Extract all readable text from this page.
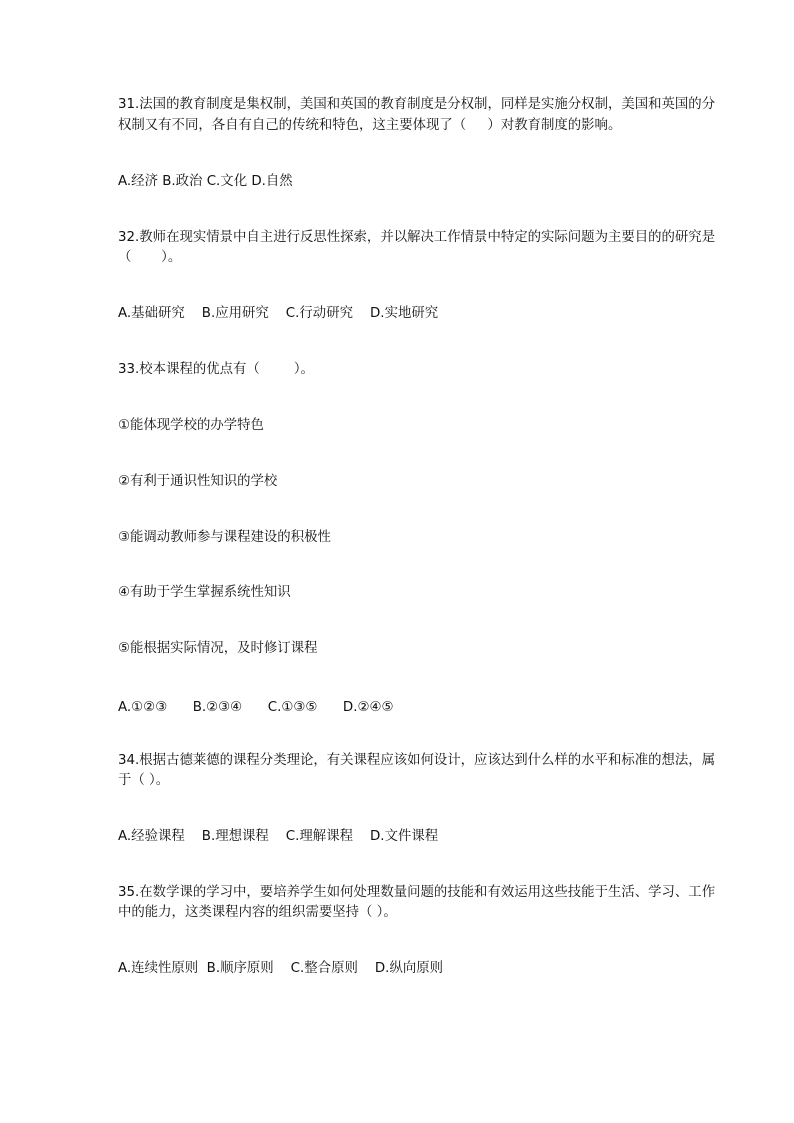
31.法国的教育制度是集权制，美国和英国的教育制度是分权制，同样是实施分权制，美国和英国的分
权制又有不同，各自有自己的传统和特色，这主要体现了（     ）对教育制度的影响。
A.经济 B.政治 C.文化 D.自然
32.教师在现实情景中自主进行反思性探索，并以解决工作情景中特定的实际问题为主要目的的研究是
（       ）。
A.基础研究    B.应用研究    C.行动研究    D.实地研究
33.校本课程的优点有（        ）。
①能体现学校的办学特色
②有利于通识性知识的学校
③能调动教师参与课程建设的积极性
④有助于学生掌握系统性知识
⑤能根据实际情况，及时修订课程
A.①②③      B.②③④      C.①③⑤      D.②④⑤
34.根据古德莱德的课程分类理论，有关课程应该如何设计，应该达到什么样的水平和标准的想法，属
于（ ）。
A.经验课程    B.理想课程    C.理解课程    D.文件课程
35.在数学课的学习中，要培养学生如何处理数量问题的技能和有效运用这些技能于生活、学习、工作
中的能力，这类课程内容的组织需要坚持（ ）。
A.连续性原则  B.顺序原则    C.整合原则    D.纵向原则
